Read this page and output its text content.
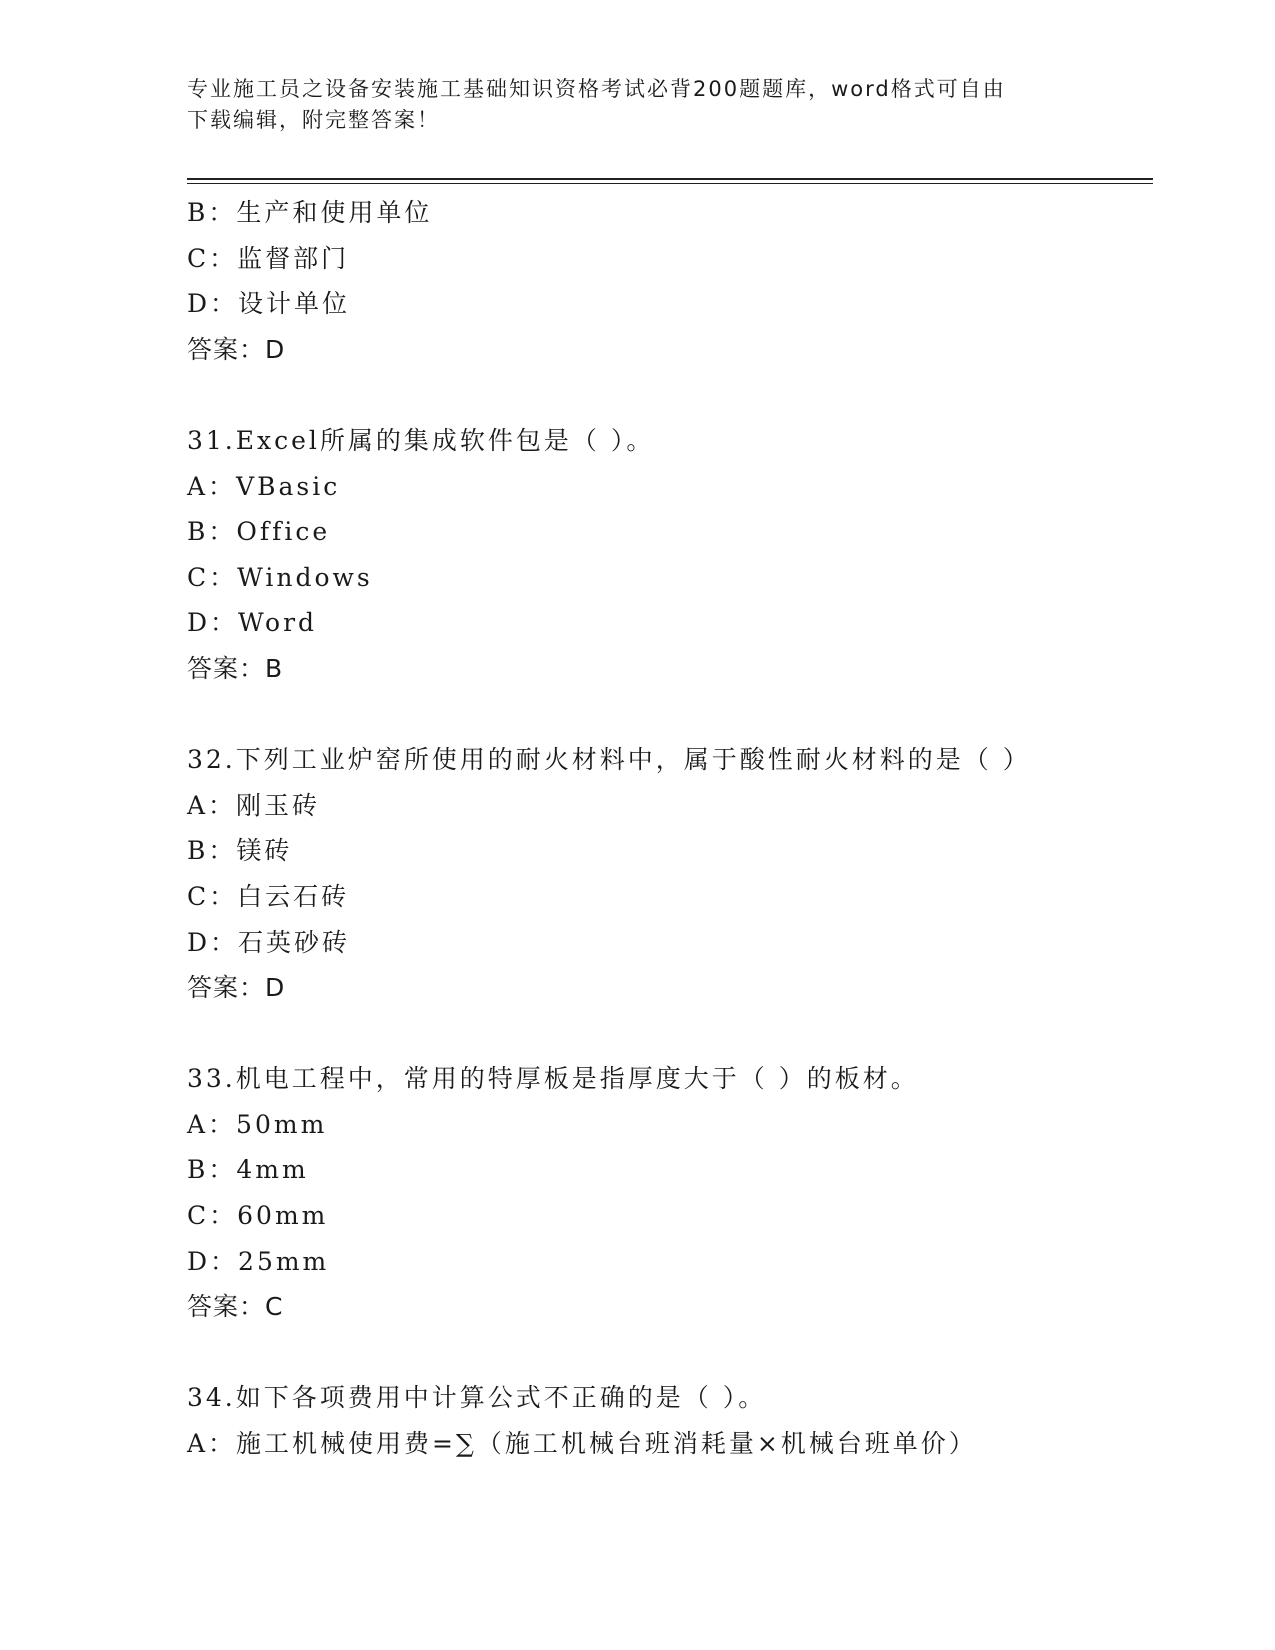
专业施工员之设备安装施工基础知识资格考试必背200题题库，word格式可自由
下载编辑，附完整答案！
B：生产和使用单位
C：监督部门
D：设计单位
答案：D
31.Excel所属的集成软件包是（ ）。
A：VBasic
B：Office
C：Windows
D：Word
答案：B
32.下列工业炉窑所使用的耐火材料中，属于酸性耐火材料的是（ ）
A：刚玉砖
B：镁砖
C：白云石砖
D：石英砂砖
答案：D
33.机电工程中，常用的特厚板是指厚度大于（ ）的板材。
A：50mm
B：4mm
C：60mm
D：25mm
答案：C
34.如下各项费用中计算公式不正确的是（ ）。
A：施工机械使用费=∑（施工机械台班消耗量×机械台班单价）
